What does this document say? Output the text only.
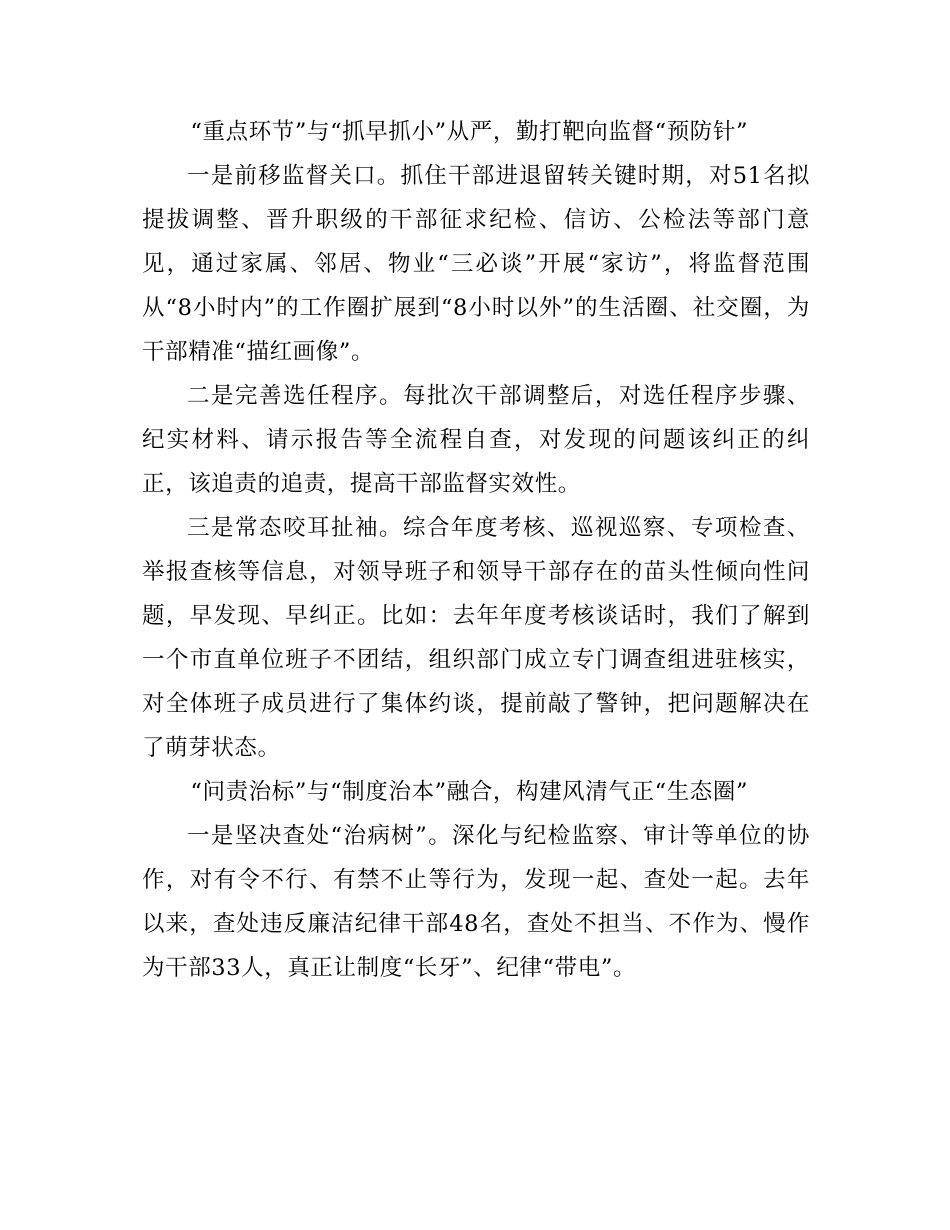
“重点环节”与“抓早抓小”从严，勤打靶向监督“预防针”

一是前移监督关口。抓住干部进退留转关键时期，对51名拟提拔调整、晋升职级的干部征求纪检、信访、公检法等部门意见，通过家属、邻居、物业“三必谈”开展“家访”，将监督范围从“8小时内”的工作圈扩展到“8小时以外”的生活圈、社交圈，为干部精准“描红画像”。

二是完善选任程序。每批次干部调整后，对选任程序步骤、纪实材料、请示报告等全流程自查，对发现的问题该纠正的纠正，该追责的追责，提高干部监督实效性。

三是常态咬耳扯袖。综合年度考核、巡视巡察、专项检查、举报查核等信息，对领导班子和领导干部存在的苗头性倾向性问题，早发现、早纠正。比如：去年年度考核谈话时，我们了解到一个市直单位班子不团结，组织部门成立专门调查组进驻核实，对全体班子成员进行了集体约谈，提前敲了警钟，把问题解决在了萌芽状态。

“问责治标”与“制度治本”融合，构建风清气正“生态圈”

一是坚决查处“治病树”。深化与纪检监察、审计等单位的协作，对有令不行、有禁不止等行为，发现一起、查处一起。去年以来，查处违反廉洁纪律干部48名，查处不担当、不作为、慢作为干部33人，真正让制度“长牙”、纪律“带电”。
